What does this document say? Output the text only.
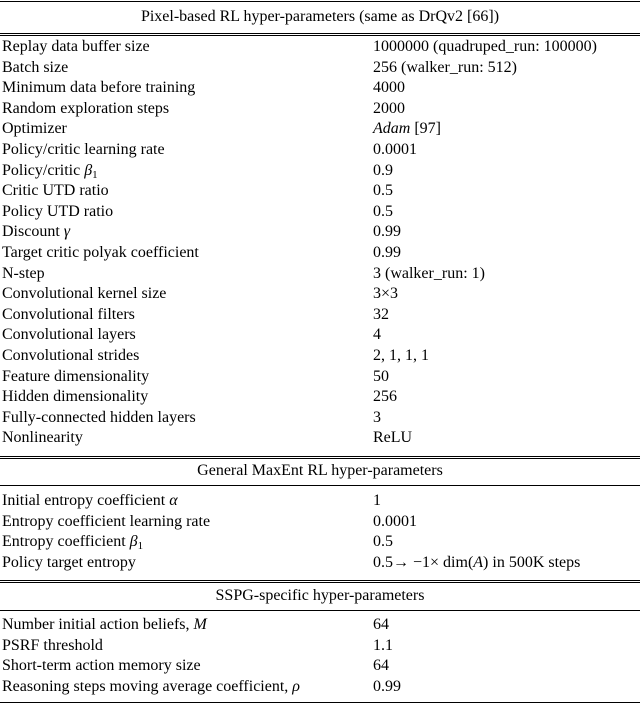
Pixel-based RL hyper-parameters (same as DrQv2 [66])
Replay data buffer size	1000000 (quadruped_run: 100000)
Batch size	256 (walker_run: 512)
Minimum data before training	4000
Random exploration steps	2000
Optimizer	Adam [97]
Policy/critic learning rate	0.0001
Policy/critic $\beta_1$	0.9
Critic UTD ratio	0.5
Policy UTD ratio	0.5
Discount γ	0.99
Target critic polyak coefficient	0.99
N-step	3 (walker_run: 1)
Convolutional kernel size	3×3
Convolutional filters	32
Convolutional layers	4
Convolutional strides	2, 1, 1, 1
Feature dimensionality	50
Hidden dimensionality	256
Fully-connected hidden layers	3
Nonlinearity	ReLU
General MaxEnt RL hyper-parameters
Initial entropy coefficient α	1
Entropy coefficient learning rate	0.0001
Entropy coefficient $\beta_1$	0.5
Policy target entropy	0.5→ −1× dim(A) in 500K steps
SSPG-specific hyper-parameters
Number initial action beliefs, M	64
PSRF threshold	1.1
Short-term action memory size	64
Reasoning steps moving average coefficient, ρ	0.99
